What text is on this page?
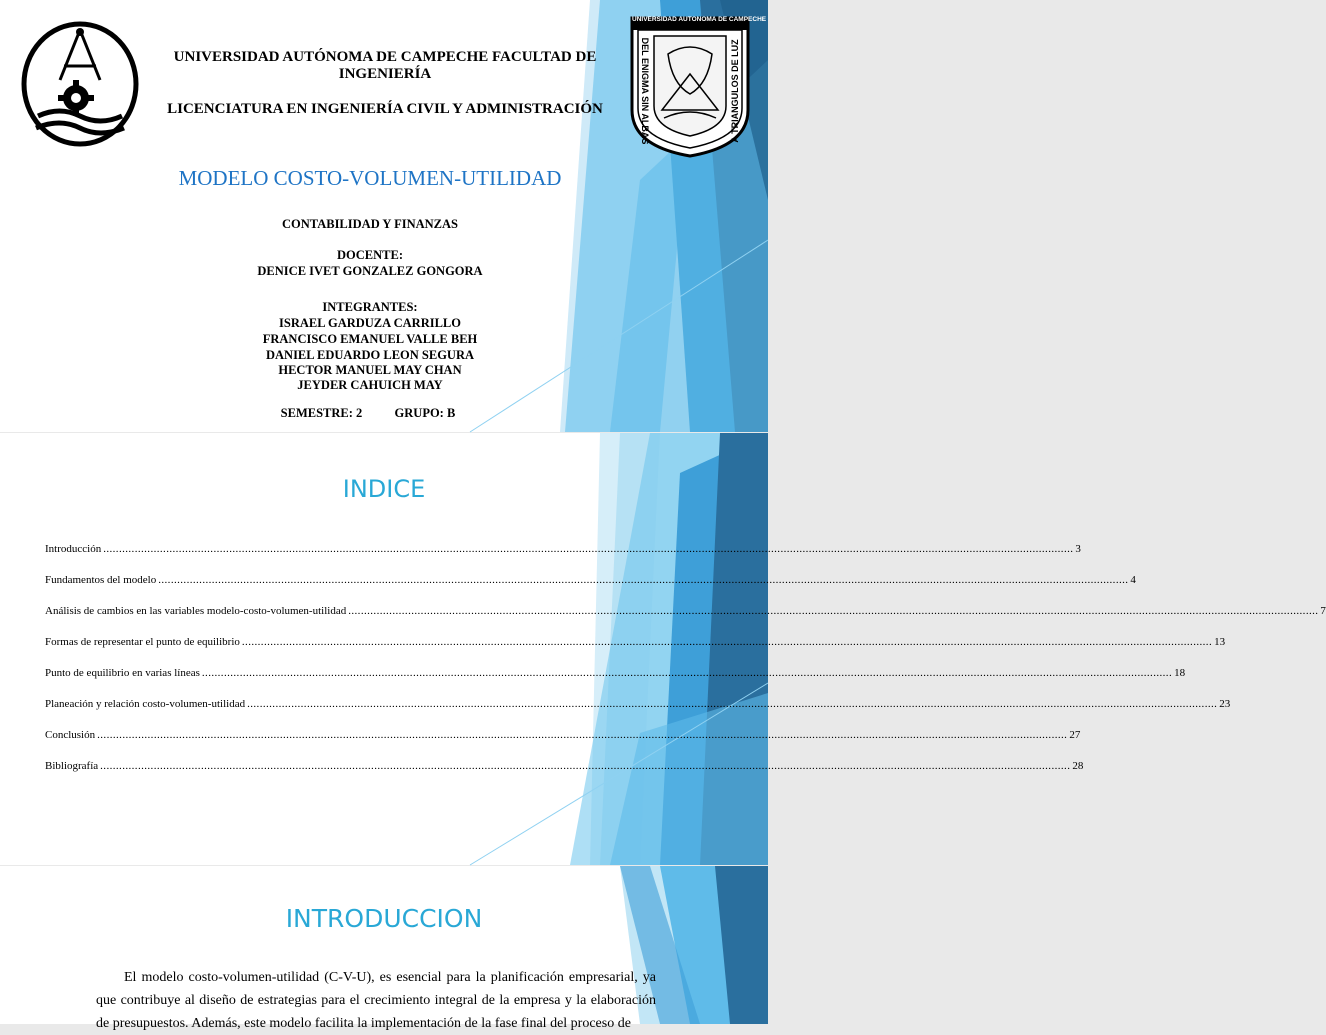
UNIVERSIDAD AUTONOMA DE CAMPECHE
DEL ENIGMA SIN ALBAS	A TRIANGULOS DE LUZ
UNIVERSIDAD AUTÓNOMA DE CAMPECHE FACULTAD DE INGENIERÍA
LICENCIATURA EN INGENIERÍA CIVIL Y ADMINISTRACIÓN
MODELO COSTO-VOLUMEN-UTILIDAD
CONTABILIDAD Y FINANZAS
DOCENTE:
DENICE IVET GONZALEZ GONGORA
INTEGRANTES:
ISRAEL GARDUZA CARRILLO
FRANCISCO EMANUEL VALLE BEH
DANIEL EDUARDO LEON SEGURA
HECTOR MANUEL MAY CHAN
JEYDER CAHUICH MAY
SEMESTRE: 2	GRUPO: B
INDICE
Introducción .....	3
Fundamentos del modelo .....	4
Análisis de cambios en las variables modelo-costo-volumen-utilidad .....	7
Formas de representar el punto de equilibrio .....	13
Punto de equilibrio en varias líneas .....	18
Planeación y relación costo-volumen-utilidad .....	23
Conclusión .....	27
Bibliografía .....	28
INTRODUCCION
El modelo costo-volumen-utilidad (C-V-U), es esencial para la planificación empresarial, ya que contribuye al diseño de estrategias para el crecimiento integral de la empresa y la elaboración de presupuestos. Además, este modelo facilita la implementación de la fase final del proceso de
